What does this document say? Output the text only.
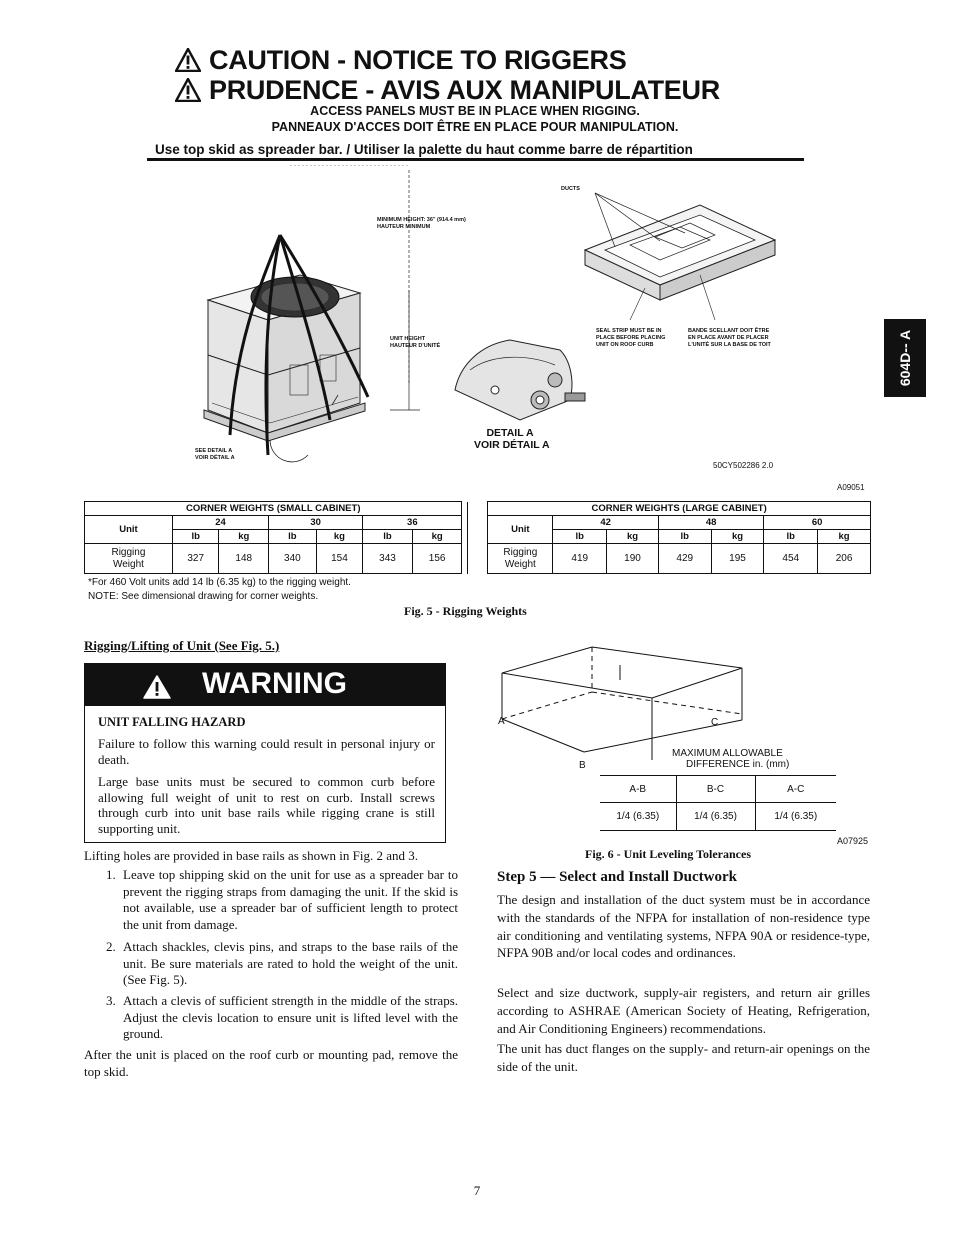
CAUTION - NOTICE TO RIGGERS
PRUDENCE - AVIS AUX MANIPULATEUR
ACCESS PANELS MUST BE IN PLACE WHEN RIGGING.
PANNEAUX D'ACCES DOIT ÊTRE EN PLACE POUR MANIPULATION.
Use top skid as spreader bar. / Utiliser la palette du haut comme barre de répartition
604D-- A
MINIMUM HEIGHT: 36" (914.4 mm)
HAUTEUR MINIMUM
UNIT HEIGHT
HAUTEUR D'UNITÉ
SEE DETAIL A
VOIR DÉTAIL A
DETAIL A
VOIR DÉTAIL A
DUCTS
SEAL STRIP MUST BE IN
PLACE BEFORE PLACING
UNIT ON ROOF CURB
BANDE SCELLANT DOIT ÊTRE
EN PLACE AVANT DE PLACER
L'UNITÉ SUR LA BASE DE TOIT
50CY502286 2.0
A09051
CORNER WEIGHTS (SMALL CABINET)									CORNER WEIGHTS (LARGE CABINET)						
Unit	24		30		36				Unit	42		48		60	
	lb	kg	lb	kg	lb	kg				lb	kg	lb	kg	lb	kg
Rigging Weight	327	148	340	154	343	156			Rigging Weight	419	190	429	195	454	206
*For 460 Volt units add 14 lb (6.35 kg) to the rigging weight.
NOTE: See dimensional drawing for corner weights.
Fig. 5 - Rigging Weights
Rigging/Lifting of Unit (See Fig. 5.)
WARNING
UNIT FALLING HAZARD
Failure to follow this warning could result in personal injury or death.
Large base units must be secured to common curb before allowing full weight of unit to rest on curb. Install screws through curb into unit base rails while rigging crane is still supporting unit.
Lifting holes are provided in base rails as shown in Fig. 2 and 3.
1. Leave top shipping skid on the unit for use as a spreader bar to prevent the rigging straps from damaging the unit. If the skid is not available, use a spreader bar of sufficient length to protect the unit from damage.
2. Attach shackles, clevis pins, and straps to the base rails of the unit. Be sure materials are rated to hold the weight of the unit. (See Fig. 5).
3. Attach a clevis of sufficient strength in the middle of the straps. Adjust the clevis location to ensure unit is lifted level with the ground.
After the unit is placed on the roof curb or mounting pad, remove the top skid.
A
B
C
MAXIMUM ALLOWABLE
DIFFERENCE in. (mm)
A-B	B-C	A-C
1/4 (6.35)	1/4 (6.35)	1/4 (6.35)
A07925
Fig. 6 - Unit Leveling Tolerances
Step 5 — Select and Install Ductwork
The design and installation of the duct system must be in accordance with the standards of the NFPA for installation of non-residence type air conditioning and ventilating systems, NFPA 90A or residence-type, NFPA 90B and/or local codes and ordinances.
Select and size ductwork, supply-air registers, and return air grilles according to ASHRAE (American Society of Heating, Refrigeration, and Air Conditioning Engineers) recommendations.
The unit has duct flanges on the supply- and return-air openings on the side of the unit.
7
